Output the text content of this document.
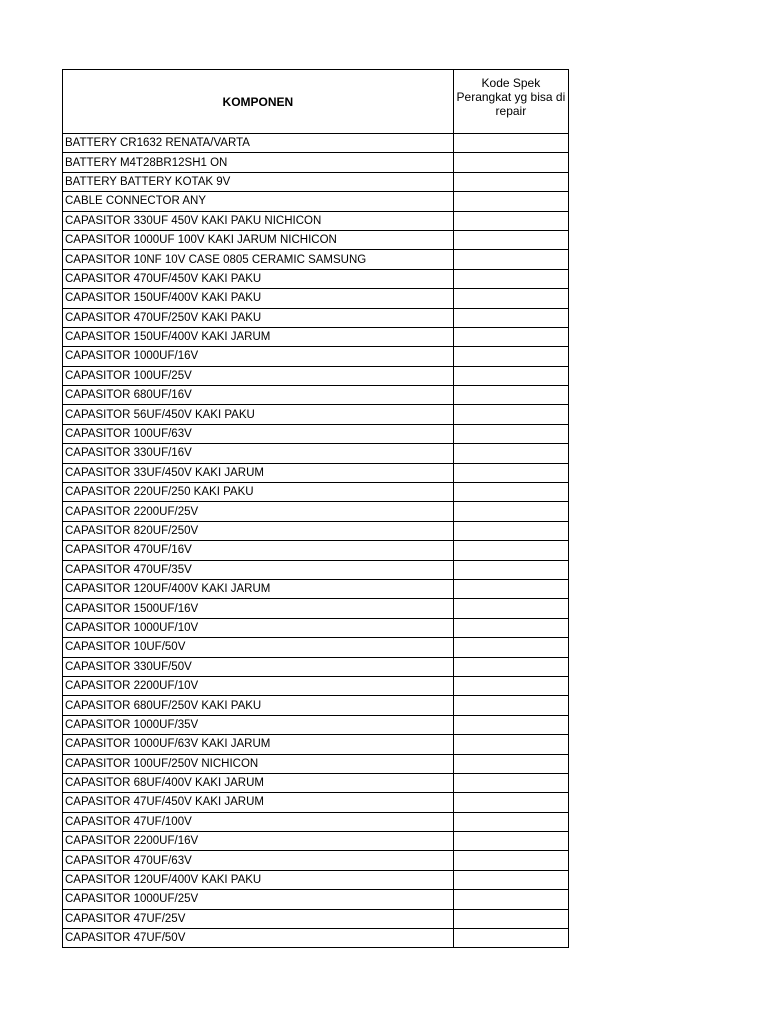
KOMPONEN	Kode Spek Perangkat yg bisa di repair
BATTERY CR1632 RENATA/VARTA	
BATTERY M4T28BR12SH1 ON	
BATTERY BATTERY KOTAK 9V	
CABLE CONNECTOR ANY	
CAPASITOR 330UF 450V KAKI PAKU NICHICON	
CAPASITOR 1000UF 100V KAKI JARUM NICHICON	
CAPASITOR 10NF 10V CASE 0805 CERAMIC SAMSUNG	
CAPASITOR 470UF/450V KAKI PAKU	
CAPASITOR 150UF/400V KAKI PAKU	
CAPASITOR 470UF/250V KAKI PAKU	
CAPASITOR 150UF/400V KAKI JARUM	
CAPASITOR 1000UF/16V	
CAPASITOR 100UF/25V	
CAPASITOR 680UF/16V	
CAPASITOR 56UF/450V KAKI PAKU	
CAPASITOR 100UF/63V	
CAPASITOR 330UF/16V	
CAPASITOR 33UF/450V KAKI JARUM	
CAPASITOR 220UF/250 KAKI PAKU	
CAPASITOR 2200UF/25V	
CAPASITOR 820UF/250V	
CAPASITOR 470UF/16V	
CAPASITOR 470UF/35V	
CAPASITOR 120UF/400V KAKI JARUM	
CAPASITOR 1500UF/16V	
CAPASITOR 1000UF/10V	
CAPASITOR 10UF/50V	
CAPASITOR 330UF/50V	
CAPASITOR 2200UF/10V	
CAPASITOR 680UF/250V KAKI PAKU	
CAPASITOR 1000UF/35V	
CAPASITOR 1000UF/63V KAKI JARUM	
CAPASITOR 100UF/250V NICHICON	
CAPASITOR 68UF/400V KAKI JARUM	
CAPASITOR 47UF/450V KAKI JARUM	
CAPASITOR 47UF/100V	
CAPASITOR 2200UF/16V	
CAPASITOR 470UF/63V	
CAPASITOR 120UF/400V KAKI PAKU	
CAPASITOR 1000UF/25V	
CAPASITOR 47UF/25V	
CAPASITOR 47UF/50V	
